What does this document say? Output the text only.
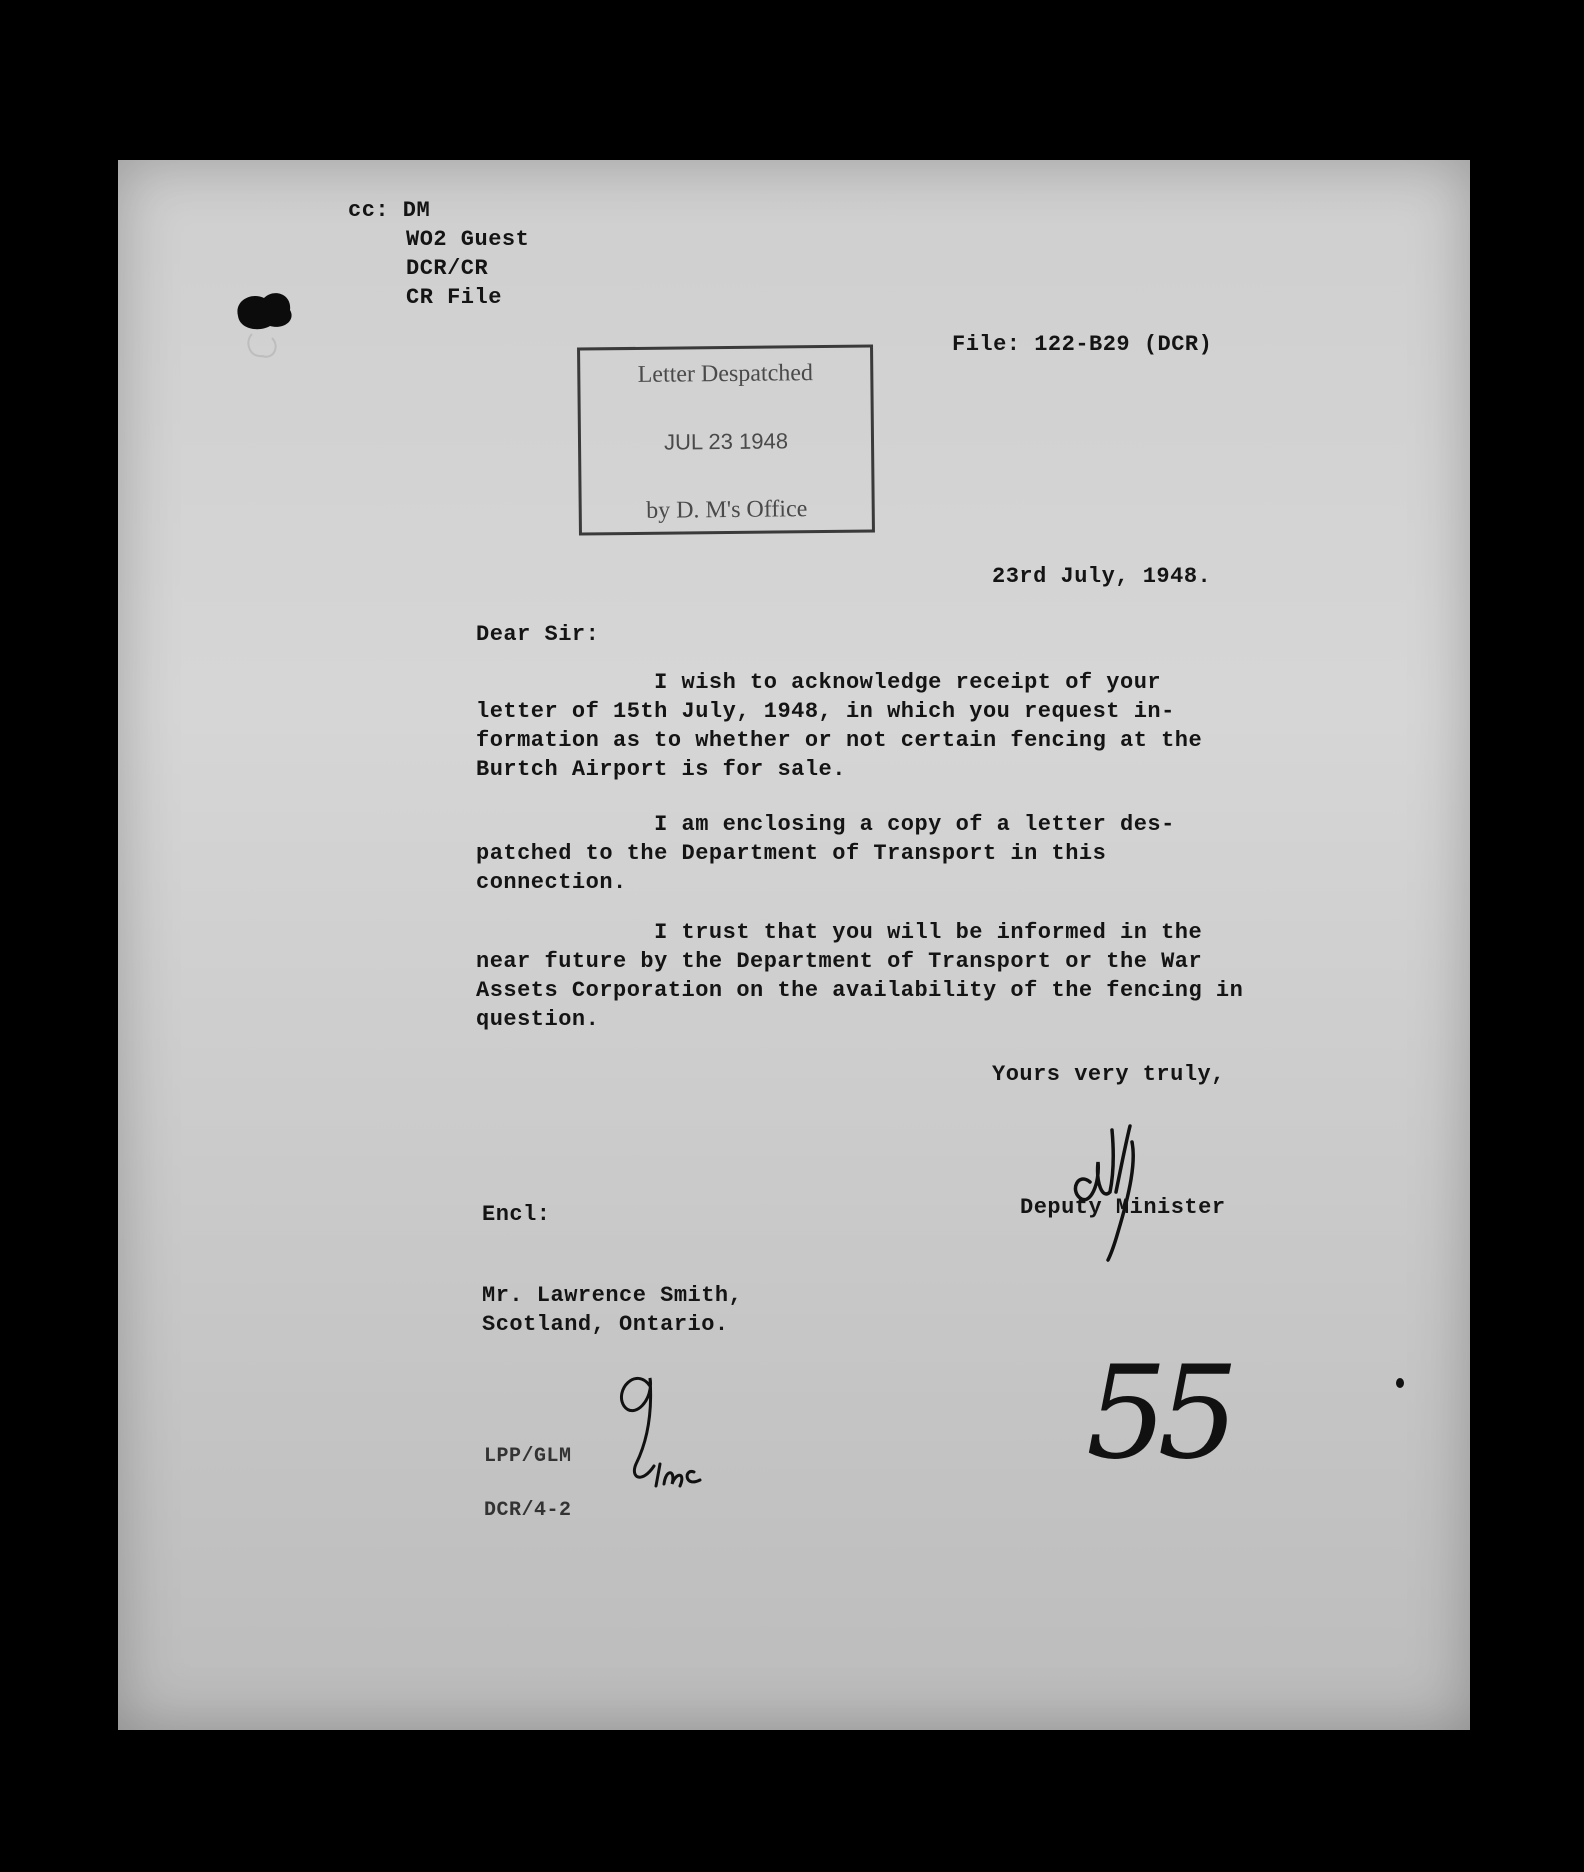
cc: DM
WO2 Guest
DCR/CR
CR File
File: 122-B29 (DCR)
Letter Despatched
JUL 23 1948
by D. M's Office
23rd July, 1948.
Dear Sir:
I wish to acknowledge receipt of your
letter of 15th July, 1948, in which you request in-
formation as to whether or not certain fencing at the
Burtch Airport is for sale.
I am enclosing a copy of a letter des-
patched to the Department of Transport in this
connection.
I trust that you will be informed in the
near future by the Department of Transport or the War
Assets Corporation on the availability of the fencing in
question.
Yours very truly,
Deputy Minister
Encl:
Mr. Lawrence Smith,
Scotland, Ontario.
LPP/GLM
DCR/4-2
55
